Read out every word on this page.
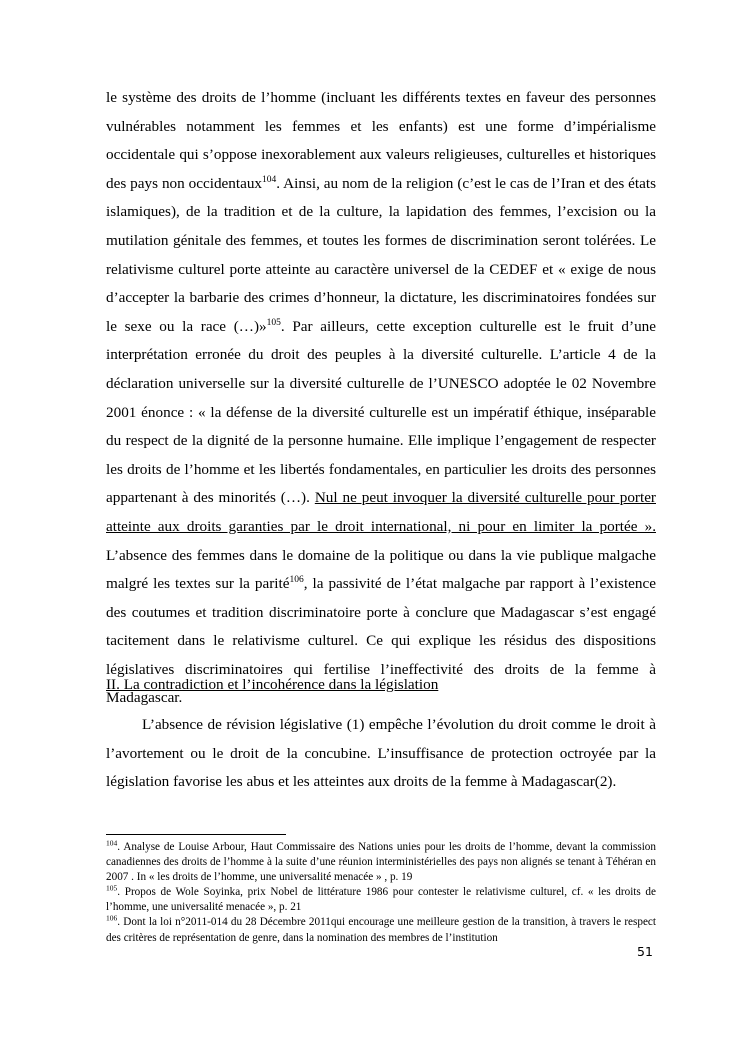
le système des droits de l’homme (incluant les différents textes en faveur des personnes vulnérables notamment les femmes et les enfants) est une forme d’impérialisme occidentale qui s’oppose inexorablement aux valeurs religieuses, culturelles et historiques des pays non occidentaux$^{104}$. Ainsi, au nom de la religion (c’est le cas de l’Iran et des états islamiques), de la tradition et de la culture, la lapidation des femmes, l’excision ou la mutilation génitale des femmes, et toutes les formes de discrimination seront tolérées. Le relativisme culturel porte atteinte au caractère universel de la CEDEF et « exige de nous d’accepter la barbarie des crimes d’honneur, la dictature, les discriminatoires fondées sur le sexe ou la race (…)»$^{105}$. Par ailleurs, cette exception culturelle est le fruit d’une interprétation erronée du droit des peuples à la diversité culturelle. L’article 4 de la déclaration universelle sur la diversité culturelle de l’UNESCO adoptée le 02 Novembre 2001 énonce : « la défense de la diversité culturelle est un impératif éthique, inséparable du respect de la dignité de la personne humaine. Elle implique l’engagement de respecter les droits de l’homme et les libertés fondamentales, en particulier les droits des personnes appartenant à des minorités (…). Nul ne peut invoquer la diversité culturelle pour porter atteinte aux droits garanties par le droit international, ni pour en limiter la portée ». L’absence des femmes dans le domaine de la politique ou dans la vie publique malgache malgré les textes sur la parité$^{106}$, la passivité de l’état malgache par rapport à l’existence des coutumes et tradition discriminatoire porte à conclure que Madagascar s’est engagé tacitement dans le relativisme culturel. Ce qui explique les résidus des dispositions législatives discriminatoires qui fertilise l’ineffectivité des droits de la femme à Madagascar.

II. La contradiction et l’incohérence dans la législation

L’absence de révision législative (1) empêche l’évolution du droit comme le droit à l’avortement ou le droit de la concubine. L’insuffisance de protection octroyée par la législation favorise les abus et les atteintes aux droits de la femme à Madagascar(2).

$^{104}$. Analyse de Louise Arbour, Haut Commissaire des Nations unies pour les droits de l’homme, devant la commission canadiennes des droits de l’homme à la suite d’une réunion interministérielles des pays non alignés se tenant à Téhéran en 2007 . In « les droits de l’homme, une universalité menacée » , p. 19

$^{105}$. Propos de Wole Soyinka, prix Nobel de littérature 1986 pour contester le relativisme culturel, cf. « les droits de l’homme, une universalité menacée », p. 21

$^{106}$. Dont la loi n°2011-014 du 28 Décembre 2011qui encourage une meilleure gestion de la transition, à travers le respect des critères de représentation de genre, dans la nomination des membres de l’institution

51
